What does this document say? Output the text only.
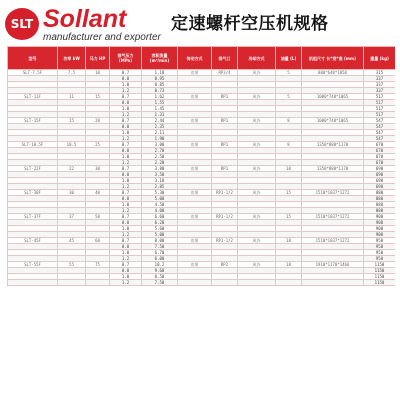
SLT Sollant
manufacturer and exporter
定速螺杆空压机规格
型号	功率 kW	马力 HP	排气压力 (MPa)	容积流量 (m³/min)	传动方式	排气口	冷却方式	油量 (L)	机组尺寸 长*宽*高 (mm)	重量 (kg)
SLT-7.5F	7.5	10	0.7	1.18	皮带	RP3/4	风冷	5	800*640*1050	315
			0.8	0.95						337
			1.0	0.85						337
			1.2	0.73						337
SLT-11F	11	15	0.7	1.62	皮带	RP1	风冷	5	1000*740*1065	517
			0.8	1.55						517
			1.0	1.45						517
			1.2	1.31						517
SLT-15F	15	20	0.7	2.44	皮带	RP1	风冷	8	1000*740*1065	547
			0.8	2.35						547
			1.0	2.11						547
			1.2	1.90						547
SLT-18.5F	18.5	25	0.7	3.00	皮带	RP1	风冷	8	1350*880*1170	670
			0.8	2.70						670
			1.0	2.50						670
			1.2	2.20						670
SLT-22F	22	30	0.7	3.80	皮带	RP1	风冷	10	1350*880*1170	690
			0.8	3.50						690
			1.0	3.18						690
			1.2	2.85						690
SLT-30F	30	40	0.7	5.30	皮带	RP1-1/2	风冷	15	1510*1037*1272	880
			0.8	5.00						880
			1.0	4.50						880
			1.2	4.00						880
SLT-37F	37	50	0.7	6.60	皮带	RP1-1/2	风冷	15	1510*1037*1272	900
			0.8	6.20						900
			1.0	5.60						900
			1.2	5.00						900
SLT-45F	45	60	0.7	8.00	皮带	RP1-1/2	风冷	18	1510*1037*1272	950
			0.8	7.50						950
			1.0	6.70						950
			1.2	6.00						950
SLT-55F	55	75	0.7	10.2	皮带	RP2	风冷	18	1910*1170*1466	1150
			0.8	9.60						1150
			1.0	8.50						1150
			1.2	7.50						1150
